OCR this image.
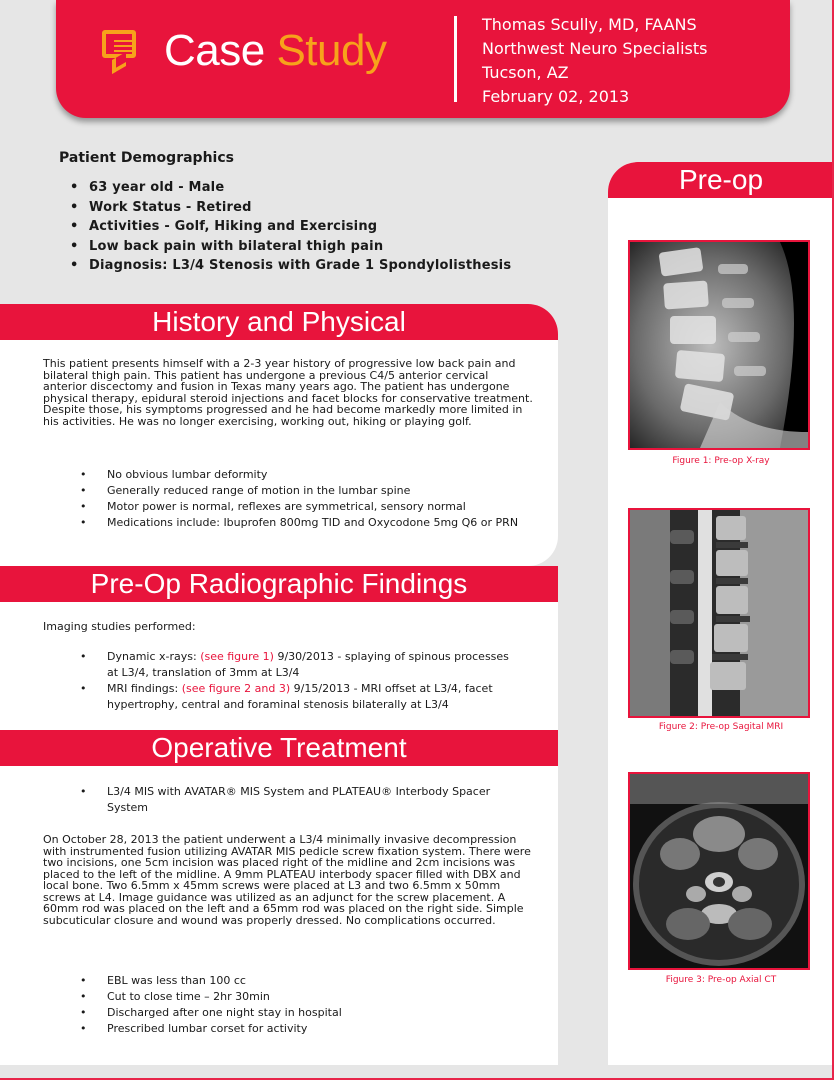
Case Study
Thomas Scully, MD, FAANS
Northwest Neuro Specialists
Tucson, AZ
February 02, 2013
Patient Demographics
• 63 year old - Male
• Work Status - Retired
• Activities - Golf, Hiking and Exercising
• Low back pain with bilateral thigh pain
• Diagnosis: L3/4 Stenosis with Grade 1 Spondylolisthesis
History and Physical
This patient presents himself with a 2-3 year history of progressive low back pain and bilateral thigh pain. This patient has undergone a previous C4/5 anterior cervical anterior discectomy and fusion in Texas many years ago. The patient has undergone physical therapy, epidural steroid injections and facet blocks for conservative treatment. Despite those, his symptoms progressed and he had become markedly more limited in his activities. He was no longer exercising, working out, hiking or playing golf.
• No obvious lumbar deformity
• Generally reduced range of motion in the lumbar spine
• Motor power is normal, reflexes are symmetrical, sensory normal
• Medications include: Ibuprofen 800mg TID and Oxycodone 5mg Q6 or PRN
Pre-Op Radiographic Findings
Imaging studies performed:
• Dynamic x-rays: (see figure 1) 9/30/2013 - splaying of spinous processes at L3/4, translation of 3mm at L3/4
• MRI findings: (see figure 2 and 3) 9/15/2013 - MRI offset at L3/4, facet hypertrophy, central and foraminal stenosis bilaterally at L3/4
Operative Treatment
• L3/4 MIS with AVATAR® MIS System and PLATEAU® Interbody Spacer System
On October 28, 2013 the patient underwent a L3/4 minimally invasive decompression with instrumented fusion utilizing AVATAR MIS pedicle screw fixation system. There were two incisions, one 5cm incision was placed right of the midline and 2cm incisions was placed to the left of the midline. A 9mm PLATEAU interbody spacer filled with DBX and local bone. Two 6.5mm x 45mm screws were placed at L3 and two 6.5mm x 50mm screws at L4. Image guidance was utilized as an adjunct for the screw placement. A 60mm rod was placed on the left and a 65mm rod was placed on the right side. Simple subcuticular closure and wound was properly dressed. No complications occurred.
• EBL was less than 100 cc
• Cut to close time – 2hr 30min
• Discharged after one night stay in hospital
• Prescribed lumbar corset for activity
Pre-op
Figure 1: Pre-op X-ray
Figure 2: Pre-op Sagital MRI
Figure 3: Pre-op Axial CT
